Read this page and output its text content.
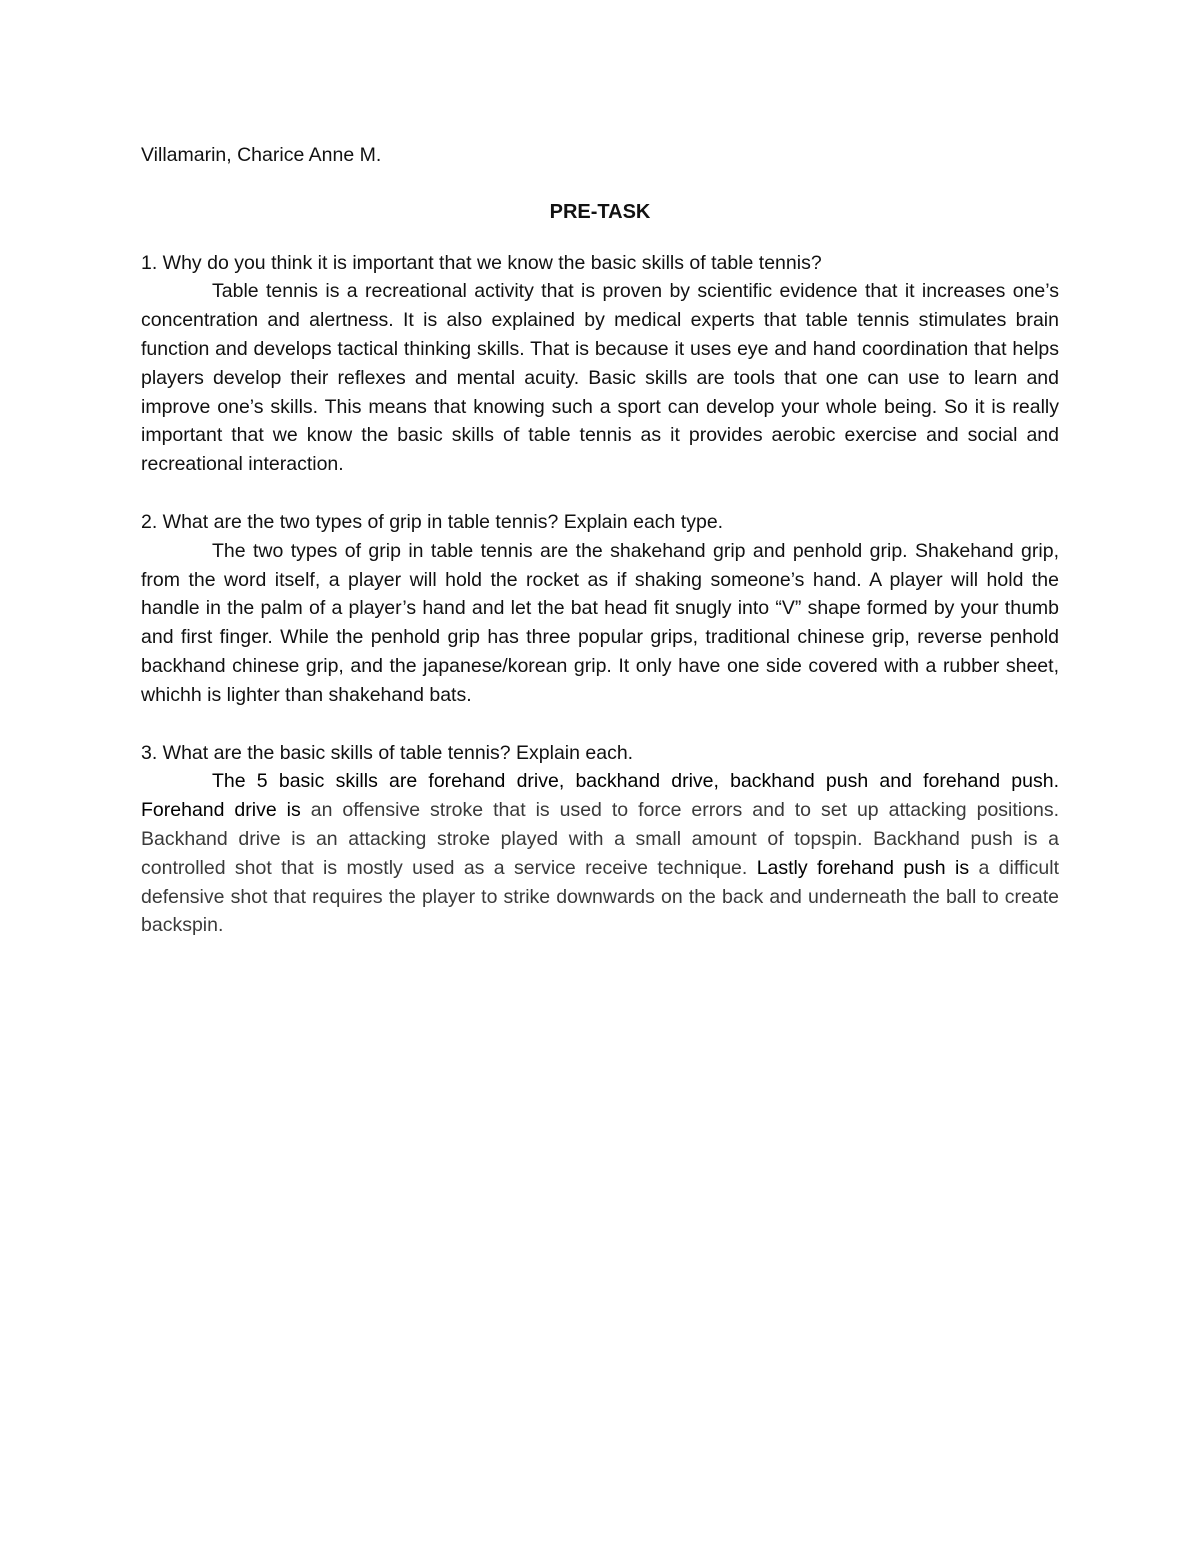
Villamarin, Charice Anne M.

PRE-TASK

1. Why do you think it is important that we know the basic skills of table tennis?

Table tennis is a recreational activity that is proven by scientific evidence that it increases one’s concentration and alertness. It is also explained by medical experts that table tennis stimulates brain function and develops tactical thinking skills. That is because it uses eye and hand coordination that helps players develop their reflexes and mental acuity. Basic skills are tools that one can use to learn and improve one’s skills. This means that knowing such a sport can develop your whole being. So it is really important that we know the basic skills of table tennis as it provides aerobic exercise and social and recreational interaction.

2. What are the two types of grip in table tennis? Explain each type.

The two types of grip in table tennis are the shakehand grip and penhold grip. Shakehand grip, from the word itself, a player will hold the rocket as if shaking someone’s hand. A player will hold the handle in the palm of a player’s hand and let the bat head fit snugly into “V” shape formed by your thumb and first finger. While the penhold grip has three popular grips, traditional chinese grip, reverse penhold backhand chinese grip, and the japanese/korean grip. It only have one side covered with a rubber sheet, whichh is lighter than shakehand bats.

3. What are the basic skills of table tennis? Explain each.

The 5 basic skills are forehand drive, backhand drive, backhand push and forehand push. Forehand drive is an offensive stroke that is used to force errors and to set up attacking positions. Backhand drive is an attacking stroke played with a small amount of topspin. Backhand push is a controlled shot that is mostly used as a service receive technique. Lastly forehand push is a difficult defensive shot that requires the player to strike downwards on the back and underneath the ball to create backspin.
